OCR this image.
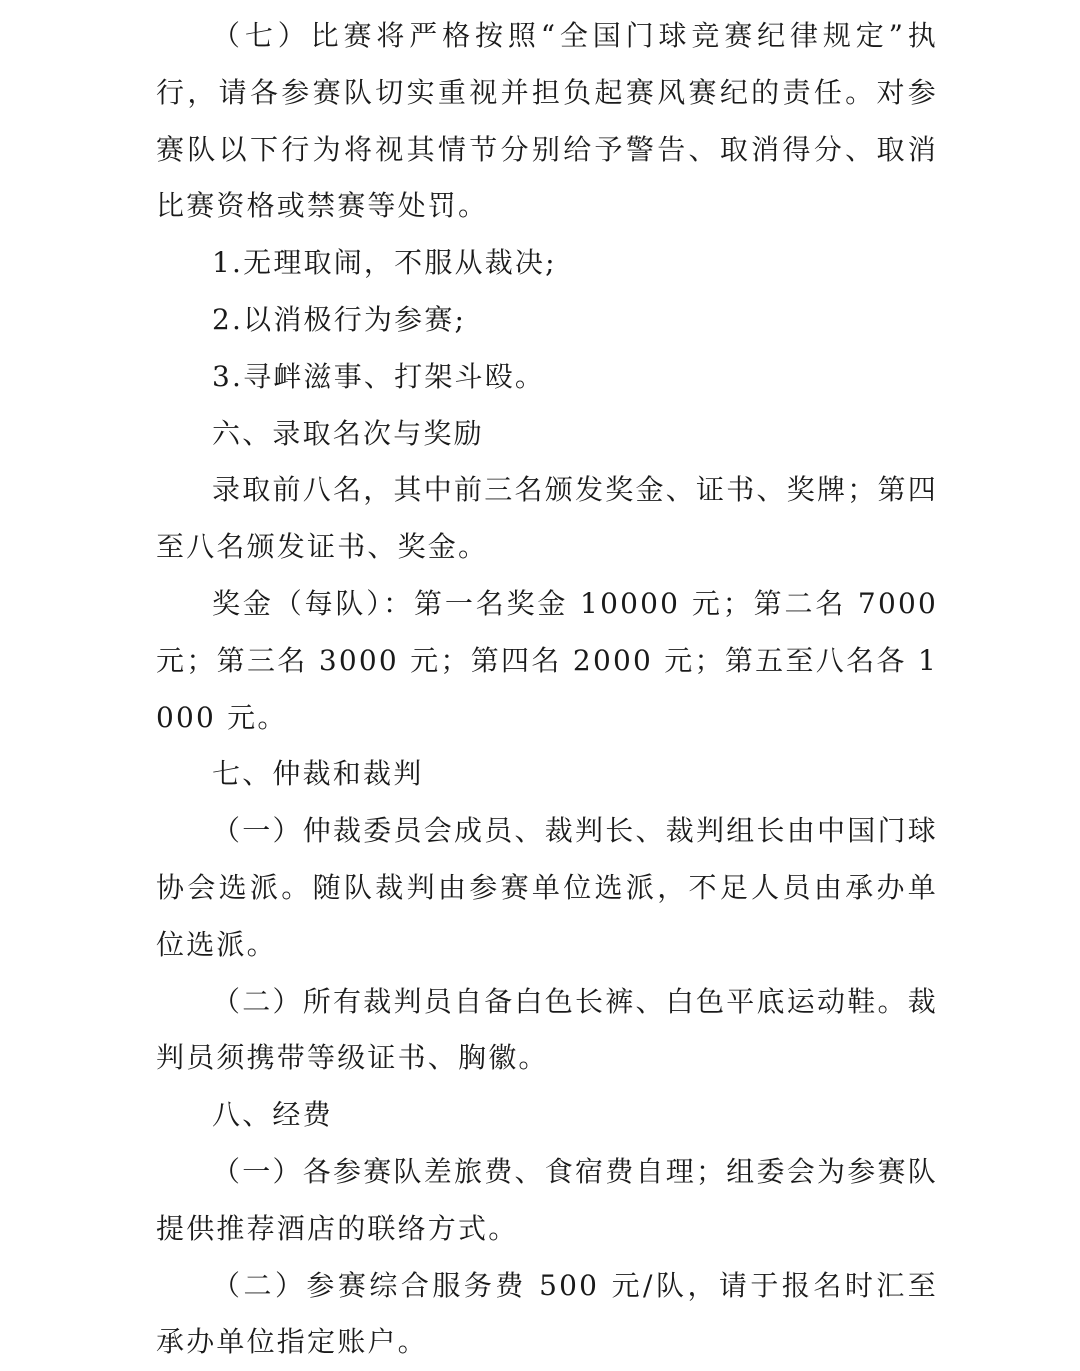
（七）比赛将严格按照“全国门球竞赛纪律规定”执行，请各参赛队切实重视并担负起赛风赛纪的责任。对参赛队以下行为将视其情节分别给予警告、取消得分、取消比赛资格或禁赛等处罚。

1.无理取闹，不服从裁决;

2.以消极行为参赛;

3.寻衅滋事、打架斗殴。

六、录取名次与奖励

录取前八名，其中前三名颁发奖金、证书、奖牌；第四至八名颁发证书、奖金。

奖金（每队）：第一名奖金 10000 元；第二名 7000 元；第三名 3000 元；第四名 2000 元；第五至八名各 1000 元。

七、仲裁和裁判

（一）仲裁委员会成员、裁判长、裁判组长由中国门球协会选派。随队裁判由参赛单位选派，不足人员由承办单位选派。

（二）所有裁判员自备白色长裤、白色平底运动鞋。裁判员须携带等级证书、胸徽。

八、经费

（一）各参赛队差旅费、食宿费自理；组委会为参赛队提供推荐酒店的联络方式。

（二）参赛综合服务费 500 元/队，请于报名时汇至承办单位指定账户。
